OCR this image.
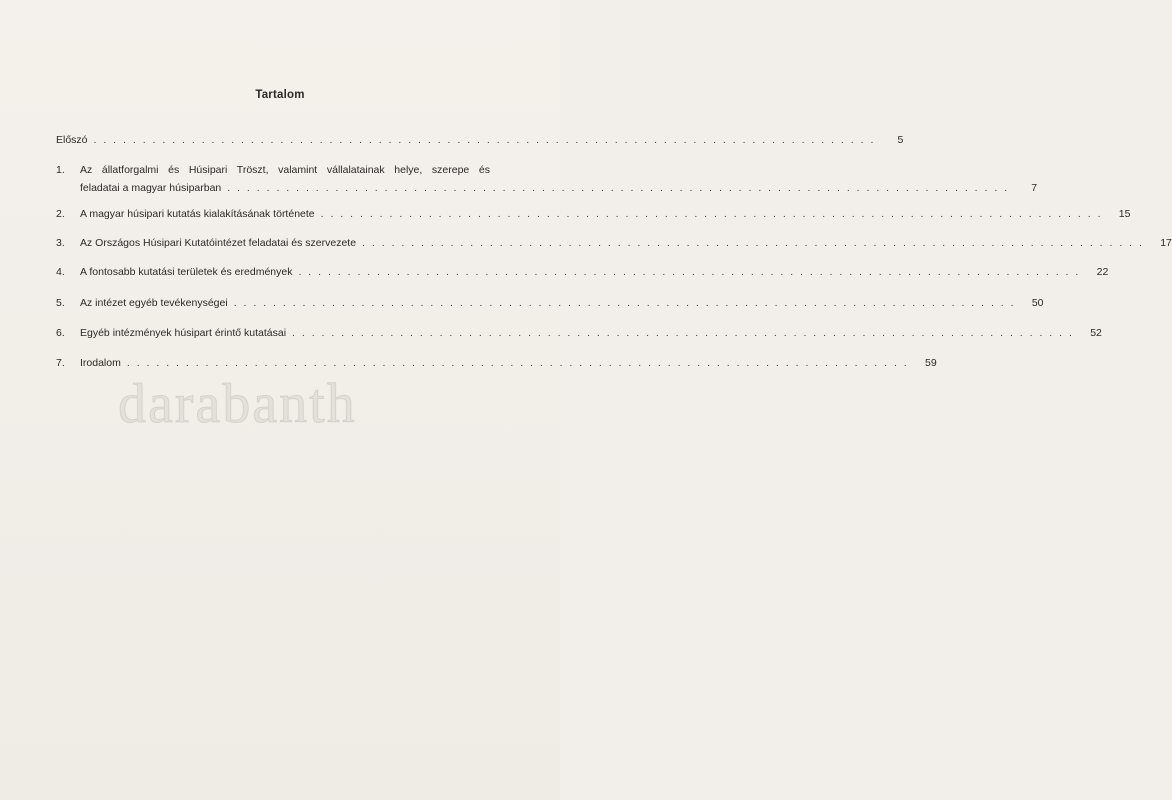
Tartalom
Előszó . . .	5
1.	Az állatforgalmi és Húsipari Tröszt, valamint vállalatainak helye, szerepe és
feladatai a magyar húsiparban . . .	7
2.	A magyar húsipari kutatás kialakításának története . . .	15
3.	Az Országos Húsipari Kutatóintézet feladatai és szervezete . . .	17
4.	A fontosabb kutatási területek és eredmények . . .	22
5.	Az intézet egyéb tevékenységei . . .	50
6.	Egyéb intézmények húsipart érintő kutatásai . . .	52
7.	Irodalom . . .	59
darabanth
